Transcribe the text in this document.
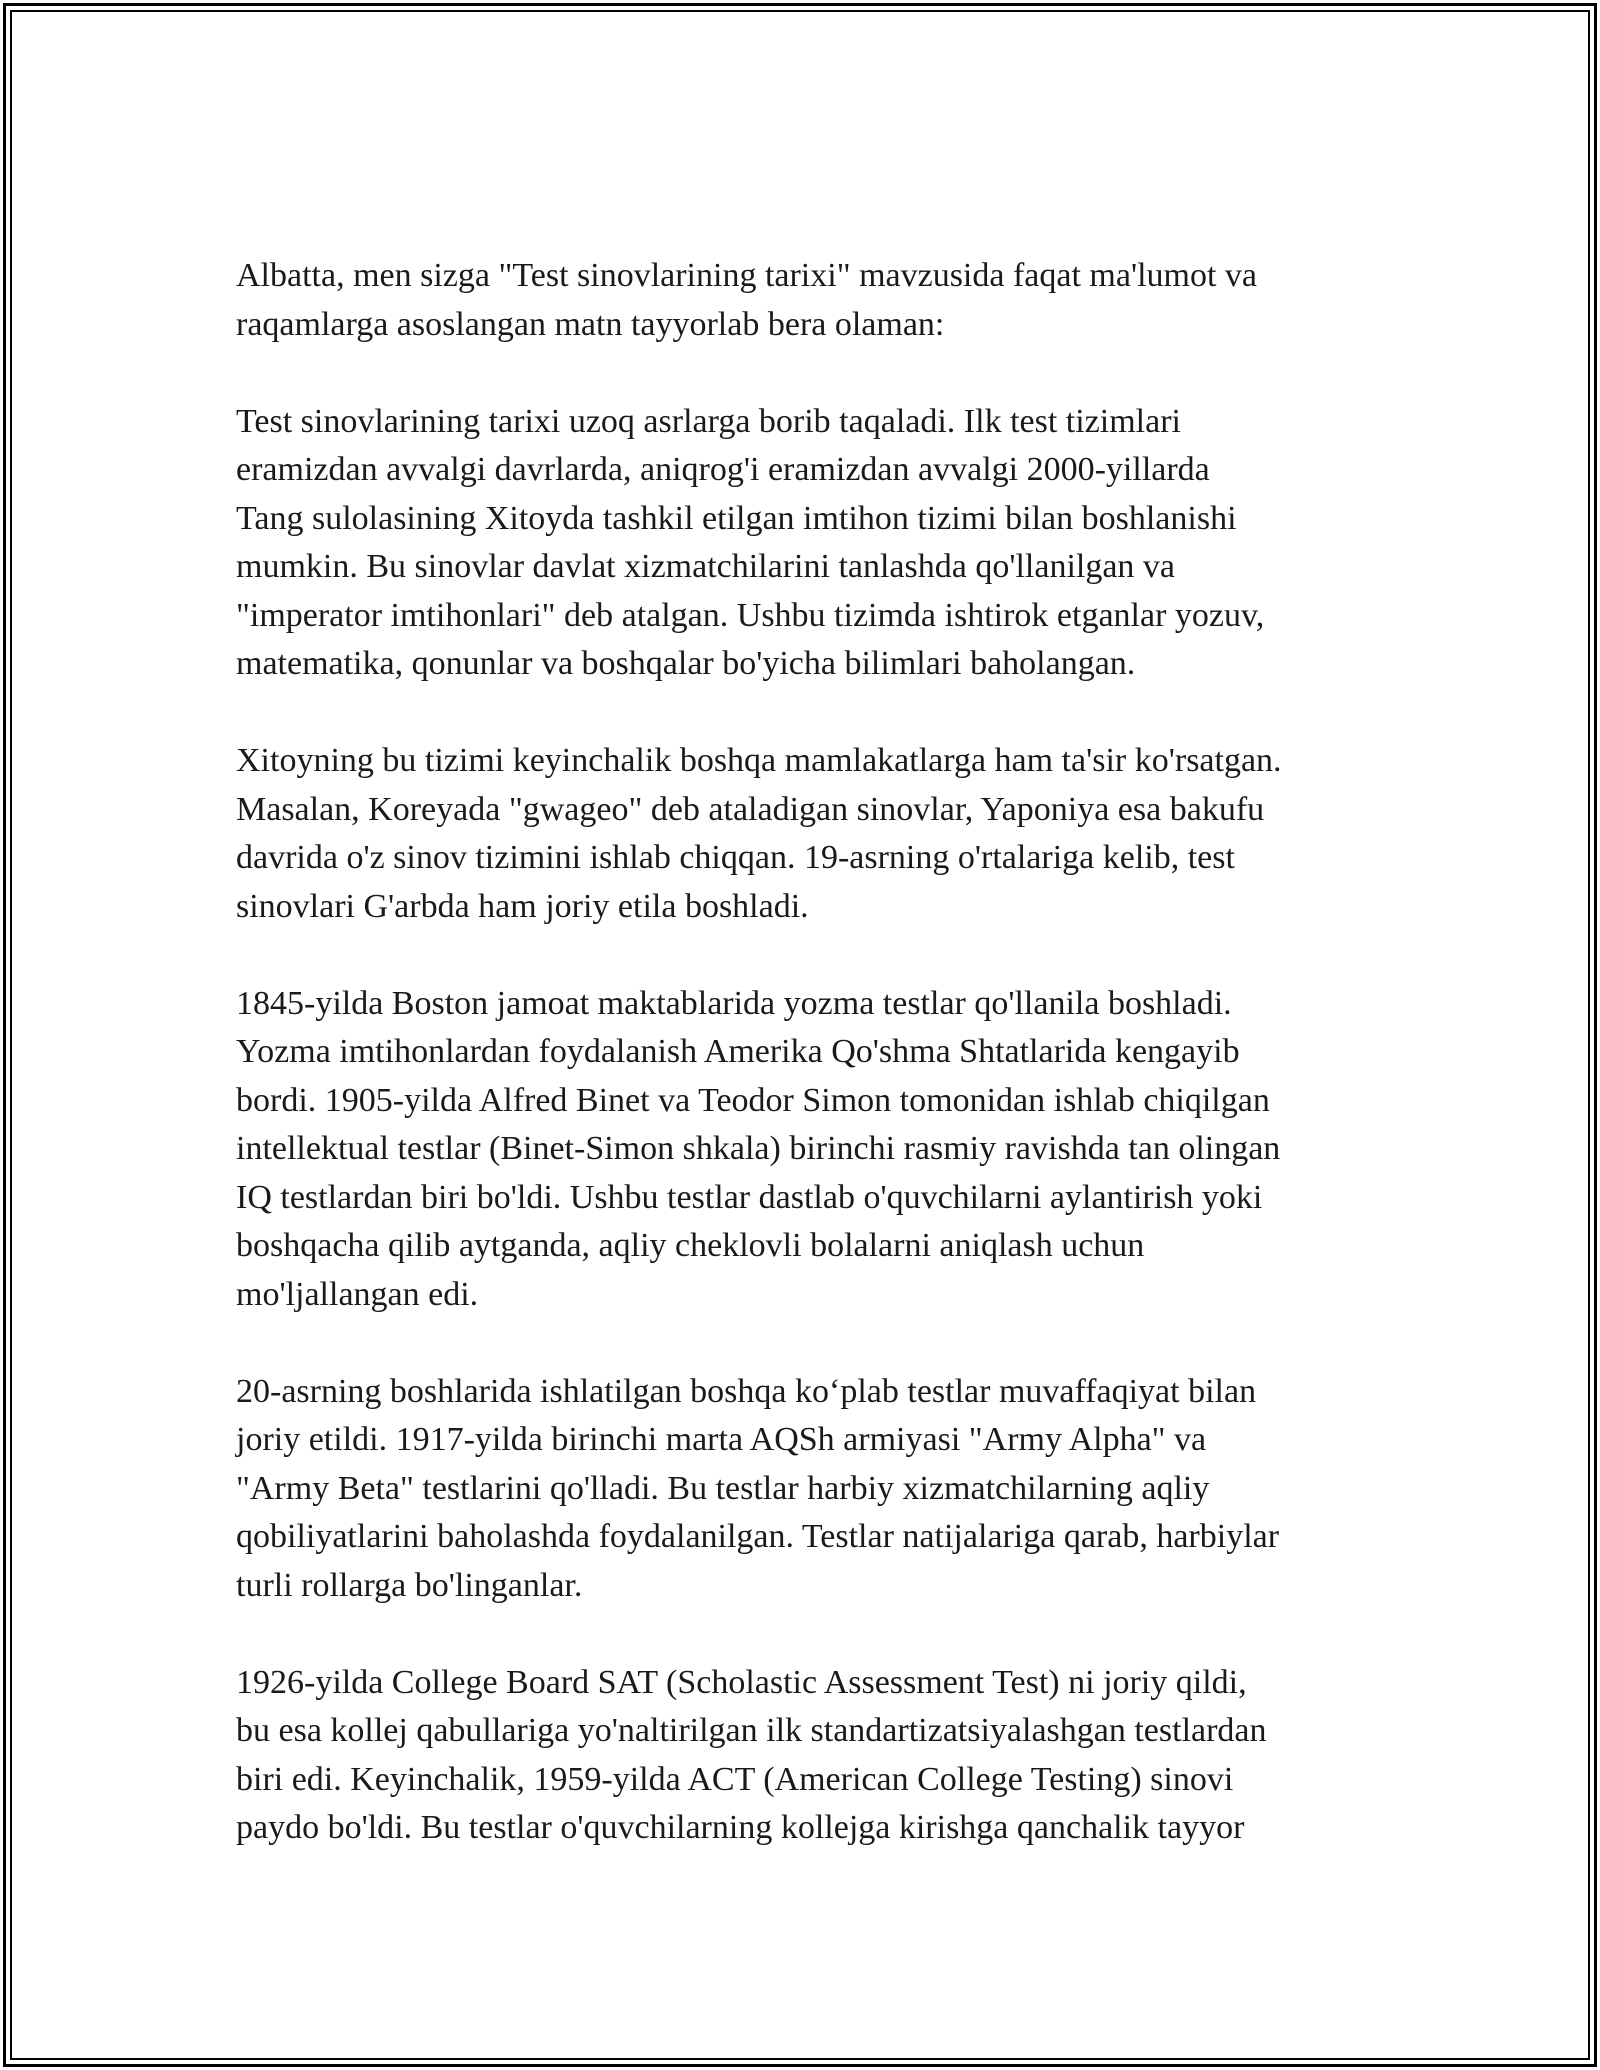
Albatta, men sizga "Test sinovlarining tarixi" mavzusida faqat ma'lumot va
raqamlarga asoslangan matn tayyorlab bera olaman:

Test sinovlarining tarixi uzoq asrlarga borib taqaladi. Ilk test tizimlari
eramizdan avvalgi davrlarda, aniqrog'i eramizdan avvalgi 2000-yillarda
Tang sulolasining Xitoyda tashkil etilgan imtihon tizimi bilan boshlanishi
mumkin. Bu sinovlar davlat xizmatchilarini tanlashda qo'llanilgan va
"imperator imtihonlari" deb atalgan. Ushbu tizimda ishtirok etganlar yozuv,
matematika, qonunlar va boshqalar bo'yicha bilimlari baholangan.

Xitoyning bu tizimi keyinchalik boshqa mamlakatlarga ham ta'sir ko'rsatgan.
Masalan, Koreyada "gwageo" deb ataladigan sinovlar, Yaponiya esa bakufu
davrida o'z sinov tizimini ishlab chiqqan. 19-asrning o'rtalariga kelib, test
sinovlari G'arbda ham joriy etila boshladi.

1845-yilda Boston jamoat maktablarida yozma testlar qo'llanila boshladi.
Yozma imtihonlardan foydalanish Amerika Qo'shma Shtatlarida kengayib
bordi. 1905-yilda Alfred Binet va Teodor Simon tomonidan ishlab chiqilgan
intellektual testlar (Binet-Simon shkala) birinchi rasmiy ravishda tan olingan
IQ testlardan biri bo'ldi. Ushbu testlar dastlab o'quvchilarni aylantirish yoki
boshqacha qilib aytganda, aqliy cheklovli bolalarni aniqlash uchun
mo'ljallangan edi.

20-asrning boshlarida ishlatilgan boshqa ko‘plab testlar muvaffaqiyat bilan
joriy etildi. 1917-yilda birinchi marta AQSh armiyasi "Army Alpha" va
"Army Beta" testlarini qo'lladi. Bu testlar harbiy xizmatchilarning aqliy
qobiliyatlarini baholashda foydalanilgan. Testlar natijalariga qarab, harbiylar
turli rollarga bo'linganlar.

1926-yilda College Board SAT (Scholastic Assessment Test) ni joriy qildi,
bu esa kollej qabullariga yo'naltirilgan ilk standartizatsiyalashgan testlardan
biri edi. Keyinchalik, 1959-yilda ACT (American College Testing) sinovi
paydo bo'ldi. Bu testlar o'quvchilarning kollejga kirishga qanchalik tayyor
